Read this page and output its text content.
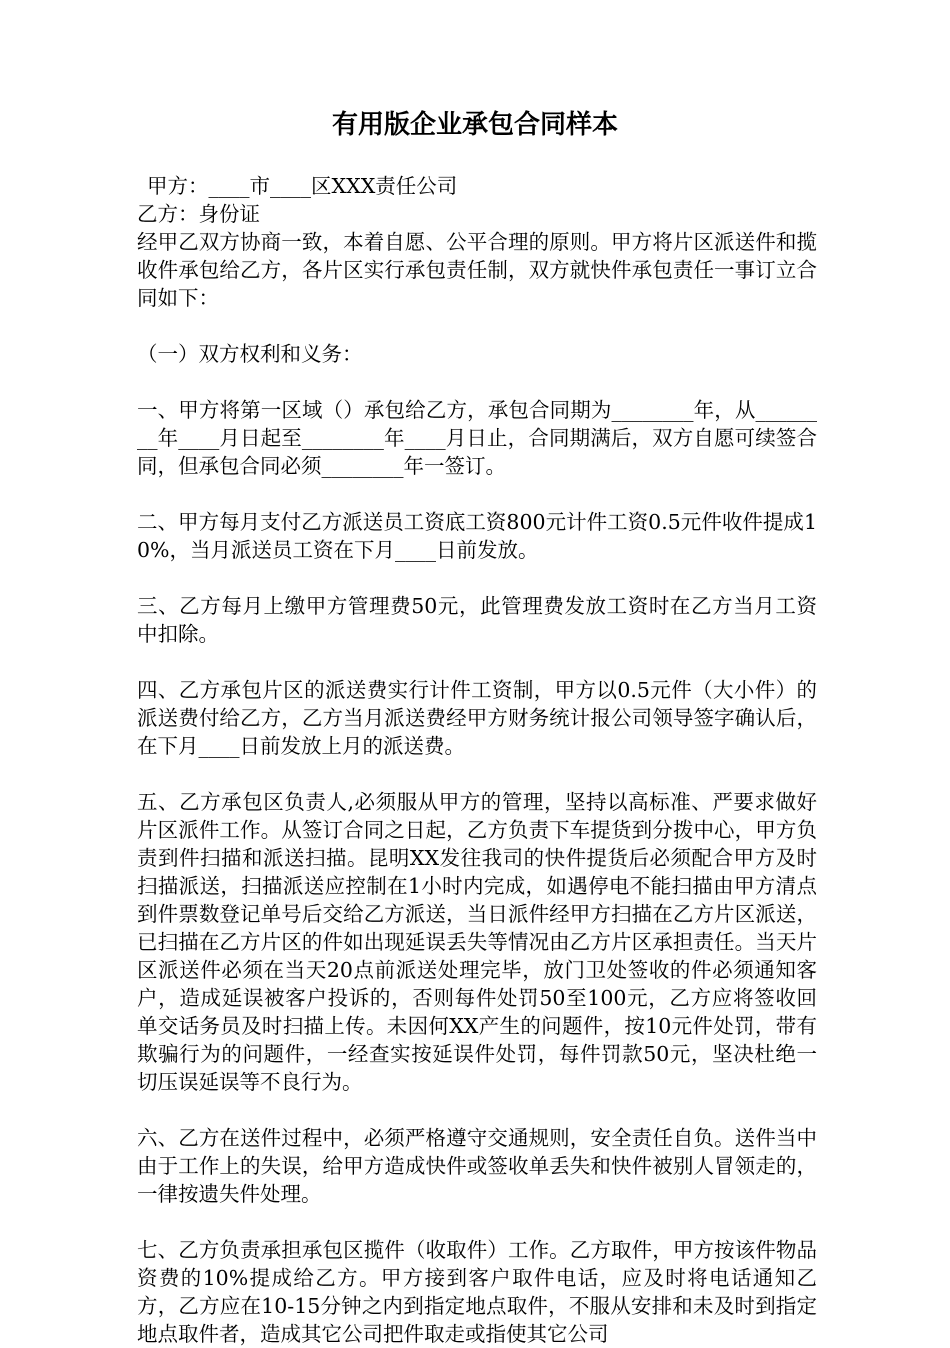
有用版企业承包合同样本

甲方：____市____区XXX责任公司

乙方：身份证

经甲乙双方协商一致，本着自愿、公平合理的原则。甲方将片区派送件和揽收件承包给乙方，各片区实行承包责任制，双方就快件承包责任一事订立合同如下：

（一）双方权利和义务：

一、甲方将第一区域（）承包给乙方，承包合同期为________年，从________年____月日起至________年____月日止，合同期满后，双方自愿可续签合同，但承包合同必须________年一签订。

二、甲方每月支付乙方派送员工资底工资800元计件工资0.5元件收件提成10%，当月派送员工资在下月____日前发放。

三、乙方每月上缴甲方管理费50元，此管理费发放工资时在乙方当月工资中扣除。

四、乙方承包片区的派送费实行计件工资制，甲方以0.5元件（大小件）的派送费付给乙方，乙方当月派送费经甲方财务统计报公司领导签字确认后，在下月____日前发放上月的派送费。

五、乙方承包区负责人,必须服从甲方的管理，坚持以高标准、严要求做好片区派件工作。从签订合同之日起，乙方负责下车提货到分拨中心，甲方负责到件扫描和派送扫描。昆明XX发往我司的快件提货后必须配合甲方及时扫描派送，扫描派送应控制在1小时内完成，如遇停电不能扫描由甲方清点到件票数登记单号后交给乙方派送，当日派件经甲方扫描在乙方片区派送，已扫描在乙方片区的件如出现延误丢失等情况由乙方片区承担责任。当天片区派送件必须在当天20点前派送处理完毕，放门卫处签收的件必须通知客户，造成延误被客户投诉的，否则每件处罚50至100元，乙方应将签收回单交话务员及时扫描上传。未因何XX产生的问题件，按10元件处罚，带有欺骗行为的问题件，一经查实按延误件处罚，每件罚款50元，坚决杜绝一切压误延误等不良行为。

六、乙方在送件过程中，必须严格遵守交通规则，安全责任自负。送件当中由于工作上的失误，给甲方造成快件或签收单丢失和快件被别人冒领走的，一律按遗失件处理。

七、乙方负责承担承包区揽件（收取件）工作。乙方取件，甲方按该件物品资费的10%提成给乙方。甲方接到客户取件电话，应及时将电话通知乙方，乙方应在10-15分钟之内到指定地点取件，不服从安排和未及时到指定地点取件者，造成其它公司把件取走或指使其它公司
